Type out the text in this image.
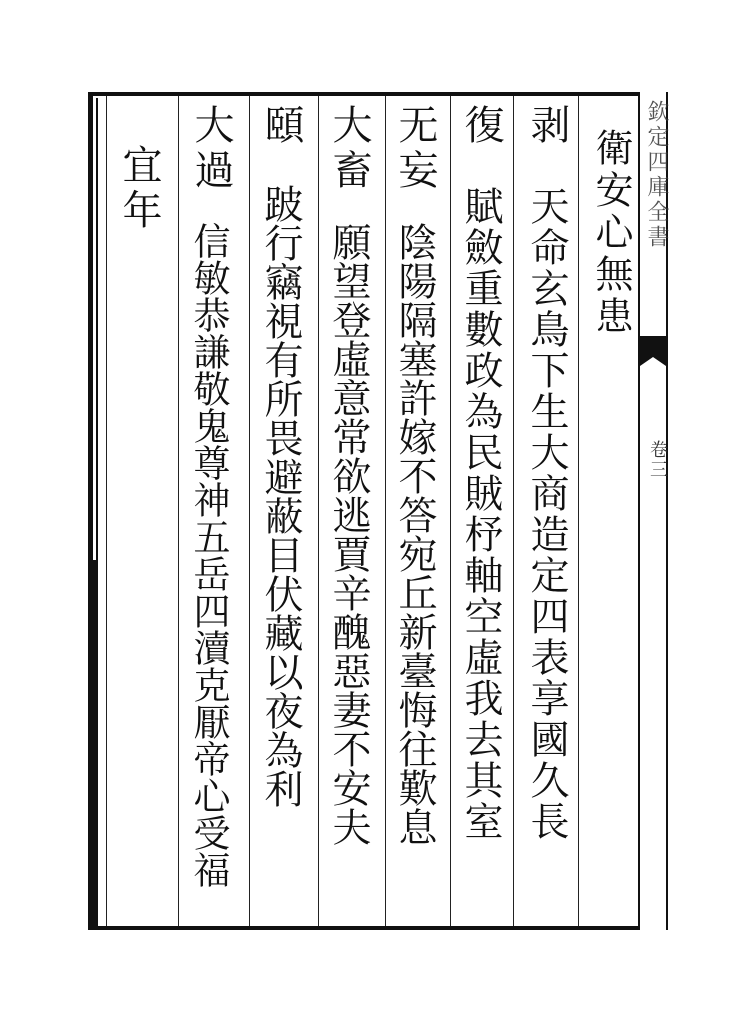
欽定四庫全書
卷三
衛安心無患
剥
天命玄鳥下生大商造定四表享國久長
復
賦斂重數政為民賊杼軸空虛我去其室
无妄
陰陽隔塞許嫁不答宛丘新臺悔往歎息
大畜
願望登虛意常欲逃賈辛醜惡妻不安夫
頤
跛行竊視有所畏避蔽目伏藏以夜為利
大過
信敏恭謙敬鬼尊神五岳四瀆克厭帝心受福
宜年
